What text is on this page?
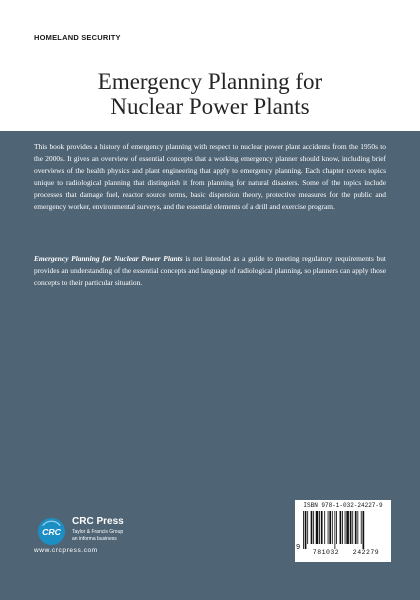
HOMELAND SECURITY
Emergency Planning for
Nuclear Power Plants

This book provides a history of emergency planning with respect to nuclear power plant accidents from the 1950s to the 2000s. It gives an overview of essential concepts that a working emergency planner should know, including brief overviews of the health physics and plant engineering that apply to emergency planning. Each chapter covers topics unique to radiological planning that distinguish it from planning for natural disasters. Some of the topics include processes that damage fuel, reactor source terms, basic dispersion theory, protective measures for the public and emergency worker, environmental surveys, and the essential elements of a drill and exercise program.

Emergency Planning for Nuclear Power Plants is not intended as a guide to meeting regulatory requirements but provides an understanding of the essential concepts and language of radiological planning, so planners can apply those concepts to their particular situation.

CRC
CRC Press
Taylor & Francis Group
an informa business
www.crcpress.com
ISBN 978-1-032-24227-9
9
781032	242279
